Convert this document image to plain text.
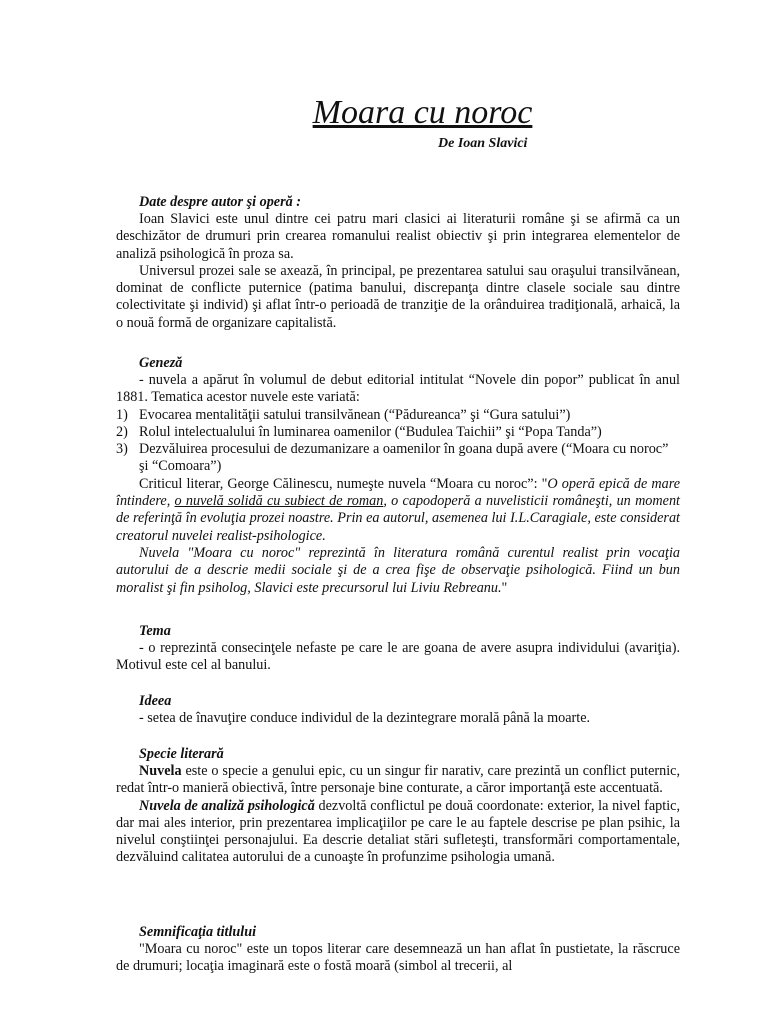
Moara cu noroc
De Ioan Slavici
Date despre autor şi operă :

Ioan Slavici este unul dintre cei patru mari clasici ai literaturii române şi se afirmă ca un deschizător de drumuri prin crearea romanului realist obiectiv şi prin integrarea elementelor de analiză psihologică în proza sa.

Universul prozei sale se axează, în principal, pe prezentarea satului sau oraşului transilvănean, dominat de conflicte puternice (patima banului, discrepanţa dintre clasele sociale sau dintre colectivitate şi individ) şi aflat într-o perioadă de tranziţie de la orânduirea tradiţională, arhaică, la o nouă formă de organizare capitalistă.

Geneză

- nuvela a apărut în volumul de debut editorial intitulat “Novele din popor” publicat în anul 1881. Tematica acestor nuvele este variată:

1) Evocarea mentalităţii satului transilvănean (“Pădureanca” şi “Gura satului”)
2) Rolul intelectualului în luminarea oamenilor (“Budulea Taichii” şi “Popa Tanda”)
3) Dezvăluirea procesului de dezumanizare a oamenilor în goana după avere (“Moara cu noroc” şi “Comoara”)

Criticul literar, George Călinescu, numeşte nuvela “Moara cu noroc”: "O operă epică de mare întindere, o nuvelă solidă cu subiect de roman, o capodoperă a nuvelisticii româneşti, un moment de referinţă în evoluţia prozei noastre. Prin ea autorul, asemenea lui I.L.Caragiale, este considerat creatorul nuvelei realist-psihologice.

Nuvela "Moara cu noroc" reprezintă în literatura română curentul realist prin vocaţia autorului de a descrie medii sociale şi de a crea fişe de observaţie psihologică. Fiind un bun moralist şi fin psiholog, Slavici este precursorul lui Liviu Rebreanu."

Tema

- o reprezintă consecinţele nefaste pe care le are goana de avere asupra individului (avariţia). Motivul este cel al banului.

Ideea

- setea de înavuţire conduce individul de la dezintegrare morală până la moarte.

Specie literară

Nuvela este o specie a genului epic, cu un singur fir narativ, care prezintă un conflict puternic, redat într-o manieră obiectivă, între personaje bine conturate, a căror importanţă este accentuată.

Nuvela de analiză psihologică dezvoltă conflictul pe două coordonate: exterior, la nivel faptic, dar mai ales interior, prin prezentarea implicaţiilor pe care le au faptele descrise pe plan psihic, la nivelul conştiinţei personajului. Ea descrie detaliat stări sufleteşti, transformări comportamentale, dezvăluind calitatea autorului de a cunoaşte în profunzime psihologia umană.

Semnificaţia titlului

"Moara cu noroc" este un topos literar care desemnează un han aflat în pustietate, la răscruce de drumuri; locaţia imaginară este o fostă moară (simbol al trecerii, al
